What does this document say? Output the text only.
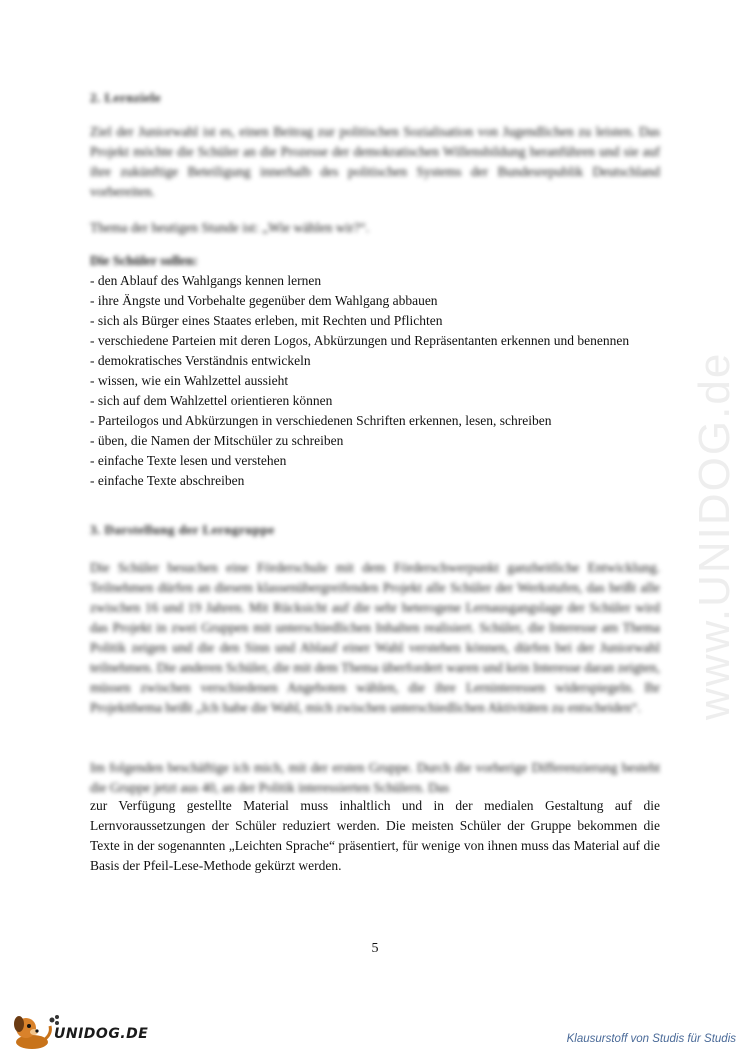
www.UNIDOG.de
2. Lernziele
Ziel der Juniorwahl ist es, einen Beitrag zur politischen Sozialisation von Jugendlichen zu leisten. Das Projekt möchte die Schüler an die Prozesse der demokratischen Willensbildung heranführen und sie auf ihre zukünftige Beteiligung innerhalb des politischen Systems der Bundesrepublik Deutschland vorbereiten.
Thema der heutigen Stunde ist: „Wie wählen wir?“.
Die Schüler sollen:
- den Ablauf des Wahlgangs kennen lernen
- ihre Ängste und Vorbehalte gegenüber dem Wahlgang abbauen
- sich als Bürger eines Staates erleben, mit Rechten und Pflichten
- verschiedene Parteien mit deren Logos, Abkürzungen und Repräsentanten erkennen und benennen
- demokratisches Verständnis entwickeln
- wissen, wie ein Wahlzettel aussieht
- sich auf dem Wahlzettel orientieren können
- Parteilogos und Abkürzungen in verschiedenen Schriften erkennen, lesen, schreiben
- üben, die Namen der Mitschüler zu schreiben
- einfache Texte lesen und verstehen
- einfache Texte abschreiben
3. Darstellung der Lerngruppe
Die Schüler besuchen eine Förderschule mit dem Förderschwerpunkt ganzheitliche Entwicklung. Teilnehmen dürfen an diesem klassenübergreifenden Projekt alle Schüler der Werkstufen, das heißt alle zwischen 16 und 19 Jahren. Mit Rücksicht auf die sehr heterogene Lernausgangslage der Schüler wird das Projekt in zwei Gruppen mit unterschiedlichen Inhalten realisiert. Schüler, die Interesse am Thema Politik zeigen und die den Sinn und Ablauf einer Wahl verstehen können, dürfen bei der Juniorwahl teilnehmen. Die anderen Schüler, die mit dem Thema überfordert waren und kein Interesse daran zeigten, müssen zwischen verschiedenen Angeboten wählen, die ihre Lerninteressen widerspiegeln. Ihr Projektthema heißt „Ich habe die Wahl, mich zwischen unterschiedlichen Aktivitäten zu entscheiden“.
Im folgenden beschäftige ich mich, mit der ersten Gruppe. Durch die vorherige Differenzierung besteht die Gruppe jetzt aus 40, an der Politik interessierten Schülern. Das
zur Verfügung gestellte Material muss inhaltlich und in der medialen Gestaltung auf die Lernvoraussetzungen der Schüler reduziert werden. Die meisten Schüler der Gruppe bekommen die Texte in der sogenannten „Leichten Sprache“ präsentiert, für wenige von ihnen muss das Material auf die Basis der Pfeil-Lese-Methode gekürzt werden.
5
UNIDOG.DE	Klausurstoff von Studis für Studis
